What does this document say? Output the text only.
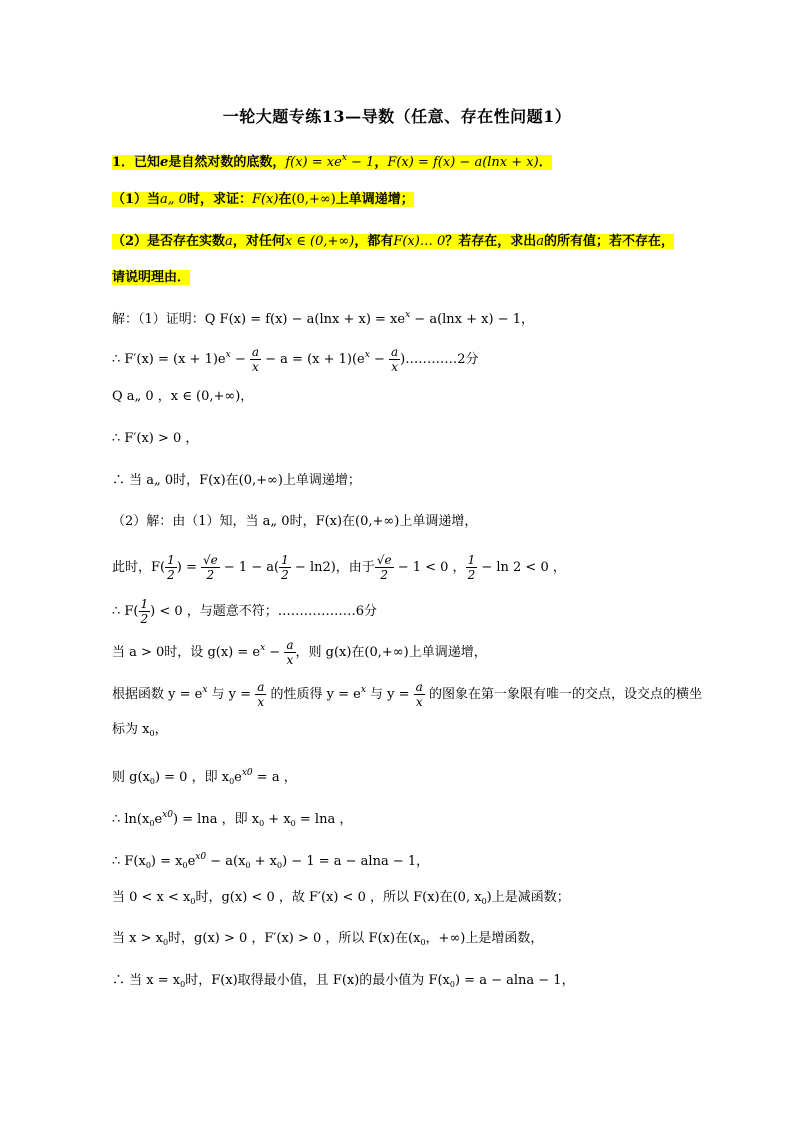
一轮大题专练13—导数（任意、存在性问题1）
1．已知e是自然对数的底数，$f(x) = xe^x - 1$，F(x) = f(x) − a(lnx + x)．
（1）当a„ 0时，求证：F(x)在(0,+∞)上单调递增；
（2）是否存在实数a，对任何x ∈ (0,+∞)，都有F(x)… 0？若存在，求出a的所有值；若不存在，
请说明理由．
解：（1）证明：Q $F(x) = f(x) - a(\ln x + x) = xe^x - a(\ln x + x) - 1$，
∴ $F'(x) = (x + 1)e^x - \frac{a}{x} - a = (x + 1)(e^x - \frac{a}{x}$ )…………2分
Q a„ 0 ，x ∈ (0,+∞)，
∴ F′(x) > 0 ，
∴ 当 a„ 0时，F(x)在(0,+∞)上单调递增；
（2）解：由（1）知，当 a„ 0时，F(x)在(0,+∞)上单调递增，
此时，$F( \frac{1}{2}$ ) = $\frac{√e}{2} - 1 - a( \frac{1}{2} - \ln 2)$，由于 $\frac{√e}{2} - 1 < 0$ ， $\frac{1}{2} - \ln 2 < 0$ ，
∴ $F( \frac{1}{2}$ ) < 0 ，与题意不符；………………6分
当 a > 0时，设 $g(x) = e^x - \frac{a}{x}$ ，则 g(x)在(0,+∞)上单调递增，
根据函数 $y = e^x$ 与 $y = \frac{a}{x}$ 的性质得 $y = e^x$ 与 $y = \frac{a}{x}$ 的图象在第一象限有唯一的交点，设交点的横坐
标为 $x_0$，
则 $g(x_0) = 0$ ，即 $x_0e^{x0} = a$ ，
∴ $\ln(x_0e^{x0}) = \ln a$ ，即 $x_0 + x_0 = \ln a$ ，
∴ $F(x_0) = x_0e^{x0} - a(x_0 + x_0) - 1 = a - alna - 1$，
当 $0 < x < x_0$时，g(x) < 0 ，故 F′(x) < 0 ，所以 F(x)在(0, $x_0$)上是减函数；
当 $x > x_0$时，g(x) > 0 ，F′(x) > 0 ，所以 F(x)在($x_0$，+∞)上是增函数，
∴ 当 $x = x_0$时，F(x)取得最小值，且 F(x)的最小值为 $F(x_0) = a - alna - 1$，
